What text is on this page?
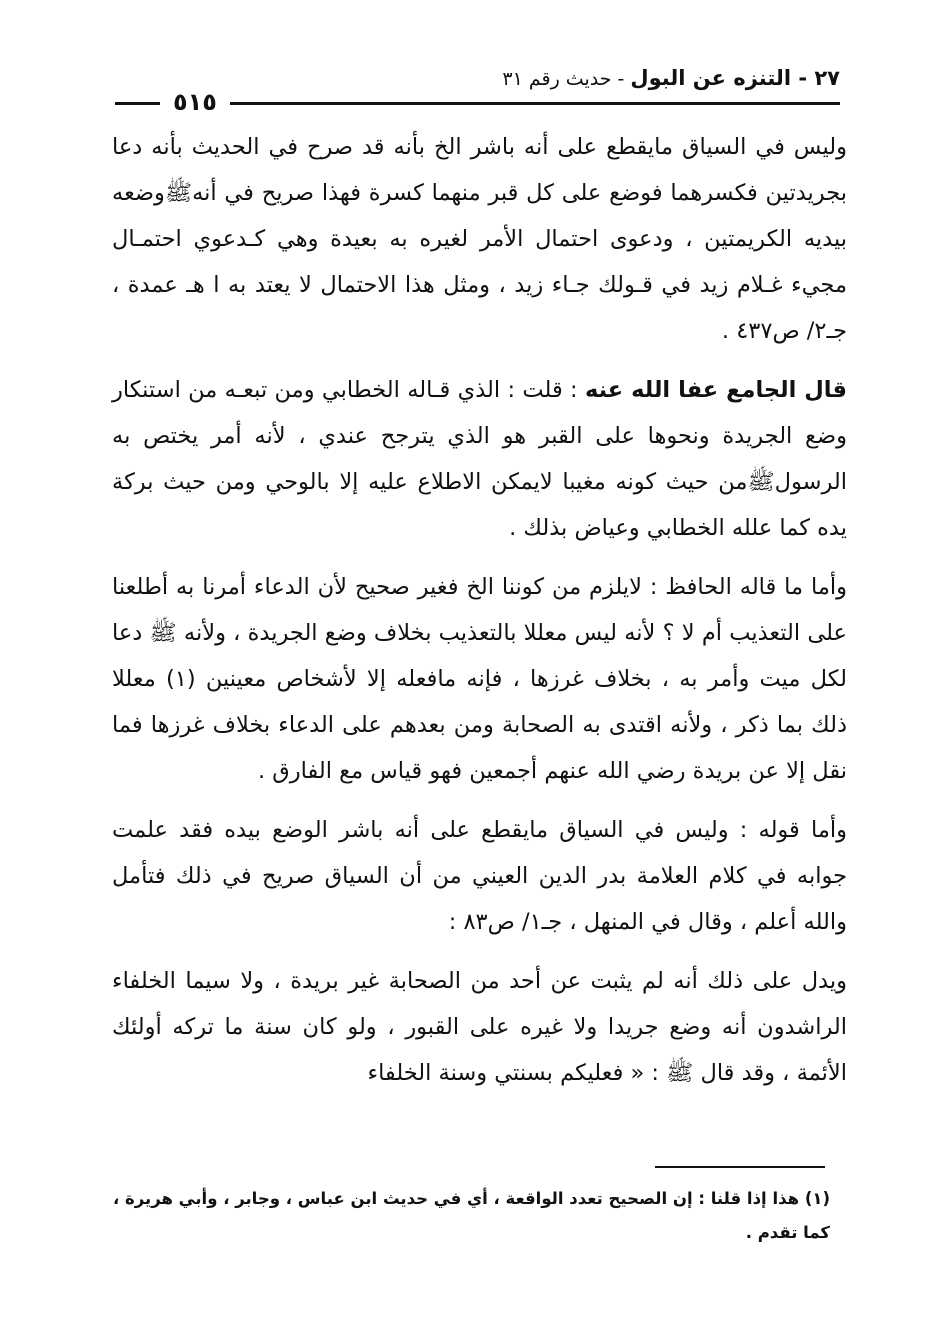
٢٧ - التنزه عن البول - حديث رقم ٣١
٥١٥

وليس في السياق مايقطع على أنه باشر الخ بأنه قد صرح في الحديث بأنه دعا بجريدتين فكسرهما فوضع على كل قبر منهما كسرة فهذا صريح في أنهﷺوضعه بيديه الكريمتين ، ودعوى احتمال الأمر لغيره به بعيدة وهي كـدعوي احتمـال مجيء غـلام زيد في قـولك جـاء زيد ، ومثل هذا الاحتمال لا يعتد به ا هـ عمدة ، جـ٢/ ص٤٣٧ .

قال الجامع عفا الله عنه : قلت : الذي قـاله الخطابي ومن تبعـه من استنكار وضع الجريدة ونحوها على القبر هو الذي يترجح عندي ، لأنه أمر يختص به الرسولﷺمن حيث كونه مغيبا لايمكن الاطلاع عليه إلا بالوحي ومن حيث بركة يده كما علله الخطابي وعياض بذلك .

وأما ما قاله الحافظ : لايلزم من كوننا الخ فغير صحيح لأن الدعاء أمرنا به أطلعنا على التعذيب أم لا ؟ لأنه ليس معللا بالتعذيب بخلاف وضع الجريدة ، ولأنه ﷺ دعا لكل ميت وأمر به ، بخلاف غرزها ، فإنه مافعله إلا لأشخاص معينين (١) معللا ذلك بما ذكر ، ولأنه اقتدى به الصحابة ومن بعدهم على الدعاء بخلاف غرزها فما نقل إلا عن بريدة رضي الله عنهم أجمعين فهو قياس مع الفارق .

وأما قوله : وليس في السياق مايقطع على أنه باشر الوضع بيده فقد علمت جوابه في كلام العلامة بدر الدين العيني من أن السياق صريح في ذلك فتأمل والله أعلم ، وقال في المنهل ، جـ١/ ص٨٣ :

ويدل على ذلك أنه لم يثبت عن أحد من الصحابة غير بريدة ، ولا سيما الخلفاء الراشدون أنه وضع جريدا ولا غيره على القبور ، ولو كان سنة ما تركه أولئك الأئمة ، وقد قال ﷺ : « فعليكم بسنتي وسنة الخلفاء

(١) هذا إذا قلنا : إن الصحيح تعدد الواقعة ، أي في حديث ابن عباس ، وجابر ، وأبي هريرة ، كما تقدم .
